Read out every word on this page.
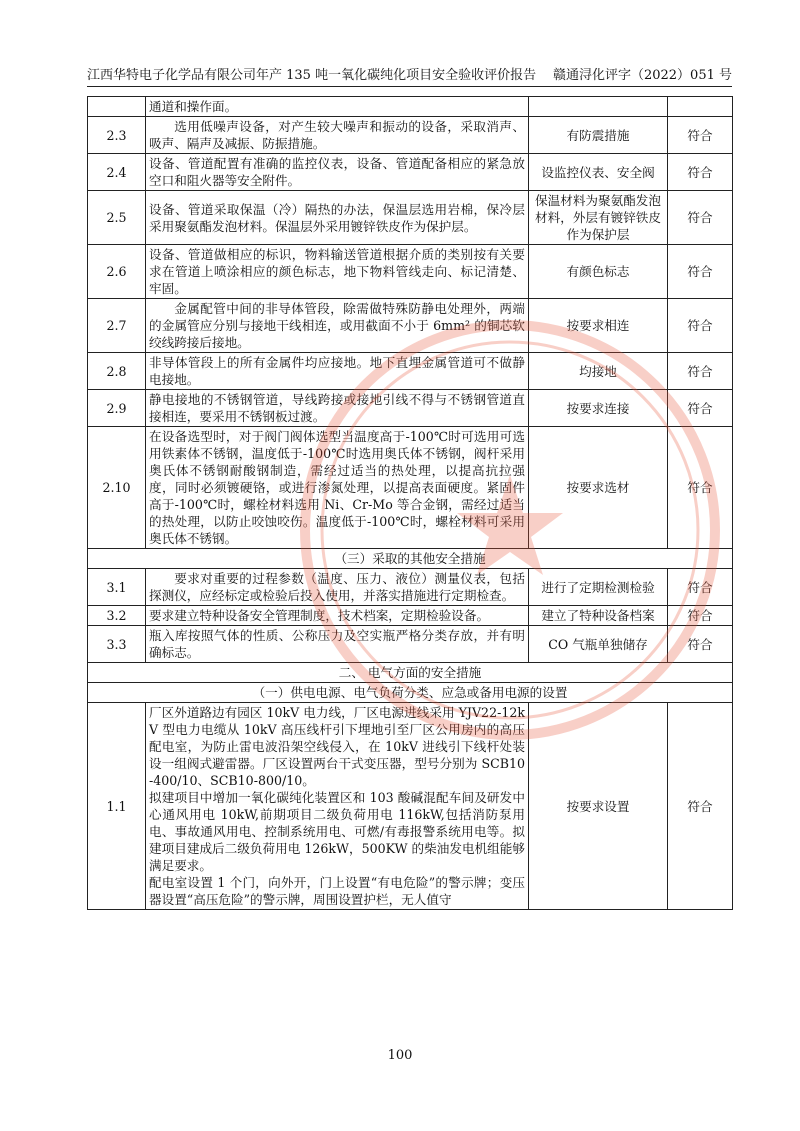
江西华特电子化学品有限公司年产 135 吨一氧化碳纯化项目安全验收评价报告 赣通浔化评字（2022）051 号

	通道和操作面。		

2.3	选用低噪声设备，对产生较大噪声和振动的设备，采取消声、吸声、隔声及减振、防振措施。	有防震措施	符合
2.4	设备、管道配置有准确的监控仪表，设备、管道配备相应的紧急放空口和阻火器等安全附件。	设监控仪表、安全阀	符合
2.5	设备、管道采取保温（冷）隔热的办法，保温层选用岩棉，保冷层采用聚氨酯发泡材料。保温层外采用镀锌铁皮作为保护层。	保温材料为聚氨酯发泡材料，外层有镀锌铁皮作为保护层	符合
2.6	设备、管道做相应的标识，物料输送管道根据介质的类别按有关要求在管道上喷涂相应的颜色标志，地下物料管线走向、标记清楚、牢固。	有颜色标志	符合
2.7	金属配管中间的非导体管段，除需做特殊防静电处理外，两端的金属管应分别与接地干线相连，或用截面不小于 6mm² 的铜芯软绞线跨接后接地。	按要求相连	符合
2.8	非导体管段上的所有金属件均应接地。地下直埋金属管道可不做静电接地。	均接地	符合
2.9	静电接地的不锈钢管道，导线跨接或接地引线不得与不锈钢管道直接相连，要采用不锈钢板过渡。	按要求连接	符合
2.10	在设备选型时，对于阀门阀体选型当温度高于-100℃时可选用可选用铁素体不锈钢，温度低于-100℃时选用奥氏体不锈钢，阀杆采用奥氏体不锈钢耐酸钢制造，需经过适当的热处理，以提高抗拉强度，同时必须镀硬铬，或进行渗氮处理，以提高表面硬度。紧固件高于-100℃时，螺栓材料选用 Ni、Cr-Mo 等合金钢，需经过适当的热处理，以防止咬蚀咬伤。温度低于-100℃时，螺栓材料可采用奥氏体不锈钢。	按要求选材	符合
（三）采取的其他安全措施			
3.1	要求对重要的过程参数（温度、压力、液位）测量仪表，包括探测仪，应经标定或检验后投入使用，并落实措施进行定期检查。	进行了定期检测检验	符合
3.2	要求建立特种设备安全管理制度，技术档案，定期检验设备。	建立了特种设备档案	符合
3.3	瓶入库按照气体的性质、公称压力及空实瓶严格分类存放，并有明确标志。	CO 气瓶单独储存	符合
二、 电气方面的安全措施			
（一）供电电源、电气负荷分类、应急或备用电源的设置			
1.1	厂区外道路边有园区 10kV 电力线，厂区电源进线采用 YJV22-12kV 型电力电缆从 10kV 高压线杆引下埋地引至厂区公用房内的高压配电室，为防止雷电波沿架空线侵入，在 10kV 进线引下线杆处装设一组阀式避雷器。厂区设置两台干式变压器，型号分别为 SCB10-400/10、SCB10-800/10。
拟建项目中增加一氧化碳纯化装置区和 103 酸碱混配车间及研发中心通风用电 10kW,前期项目二级负荷用电 116kW,包括消防泵用电、事故通风用电、控制系统用电、可燃/有毒报警系统用电等。拟建项目建成后二级负荷用电 126kW，500KW 的柴油发电机组能够满足要求。
配电室设置 1 个门，向外开，门上设置“有电危险”的警示牌；变压器设置“高压危险”的警示牌，周围设置护栏，无人值守	按要求设置	符合
100
